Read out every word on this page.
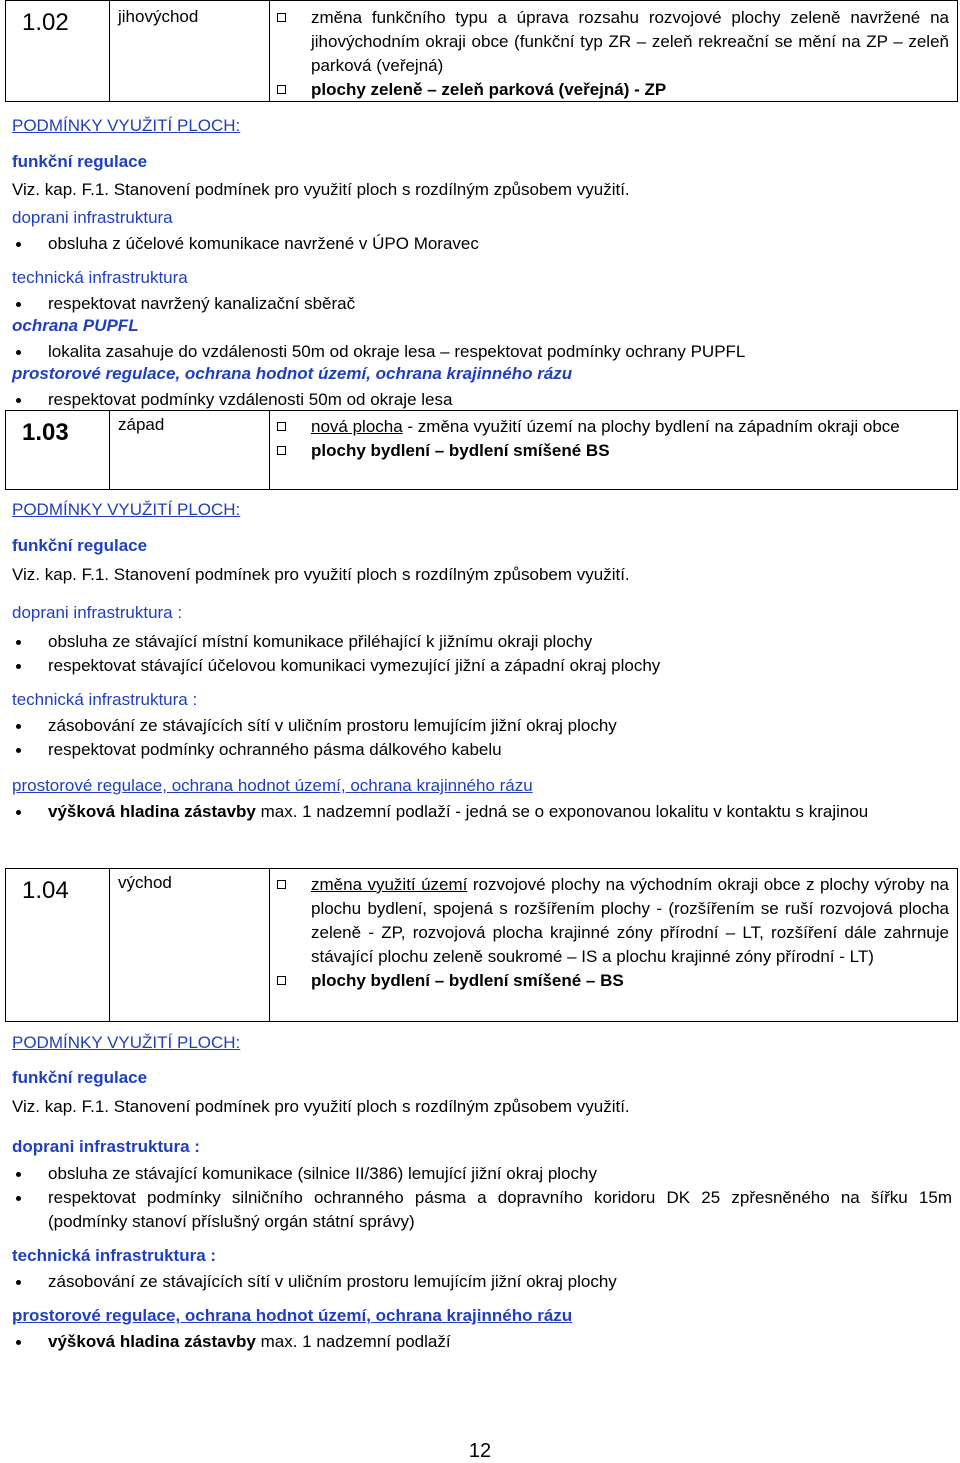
1.02	jihovýchod	změna funkčního typu a úprava rozsahu rozvojové plochy zeleně navržené na jihovýchodním okraji obce (funkční typ ZR – zeleň rekreační se mění na ZP – zeleň parková (veřejná)
plochy zeleně – zeleň parková (veřejná) - ZP
PODMÍNKY VYUŽITÍ PLOCH:
funkční regulace
Viz. kap. F.1. Stanovení podmínek pro využití ploch s rozdílným způsobem využití.
doprani infrastruktura
obsluha z účelové komunikace navržené v ÚPO Moravec
technická infrastruktura
respektovat navržený kanalizační sběrač
ochrana PUPFL
lokalita zasahuje do vzdálenosti 50m od okraje lesa – respektovat podmínky ochrany PUPFL
prostorové regulace, ochrana hodnot území, ochrana krajinného rázu
respektovat podmínky vzdálenosti 50m od okraje lesa
1.03	západ	nová plocha - změna využití území na plochy bydlení na západním okraji obce
plochy bydlení – bydlení smíšené BS
PODMÍNKY VYUŽITÍ PLOCH:
funkční regulace
Viz. kap. F.1. Stanovení podmínek pro využití ploch s rozdílným způsobem využití.
doprani infrastruktura :
obsluha ze stávající místní komunikace přiléhající k jižnímu okraji plochy
respektovat stávající účelovou komunikaci vymezující jižní a západní okraj plochy
technická infrastruktura :
zásobování ze stávajících sítí v uličním prostoru lemujícím jižní okraj plochy
respektovat podmínky ochranného pásma dálkového kabelu
prostorové regulace, ochrana hodnot území, ochrana krajinného rázu
výšková hladina zástavby max. 1 nadzemní podlaží - jedná se o exponovanou lokalitu v kontaktu s krajinou
1.04	východ	změna využití území rozvojové plochy na východním okraji obce z plochy výroby na plochu bydlení, spojená s rozšířením plochy - (rozšířením se ruší rozvojová plocha zeleně - ZP, rozvojová plocha krajinné zóny přírodní – LT, rozšíření dále zahrnuje stávající plochu zeleně soukromé – IS a plochu krajinné zóny přírodní - LT)
plochy bydlení – bydlení smíšené – BS
PODMÍNKY VYUŽITÍ PLOCH:
funkční regulace
Viz. kap. F.1. Stanovení podmínek pro využití ploch s rozdílným způsobem využití.
doprani infrastruktura :
obsluha ze stávající komunikace (silnice II/386) lemující jižní okraj plochy
respektovat podmínky silničního ochranného pásma a dopravního koridoru DK 25 zpřesněného na šířku 15m (podmínky stanoví příslušný orgán státní správy)
technická infrastruktura :
zásobování ze stávajících sítí v uličním prostoru lemujícím jižní okraj plochy
prostorové regulace, ochrana hodnot území, ochrana krajinného rázu
výšková hladina zástavby max. 1 nadzemní podlaží
12
